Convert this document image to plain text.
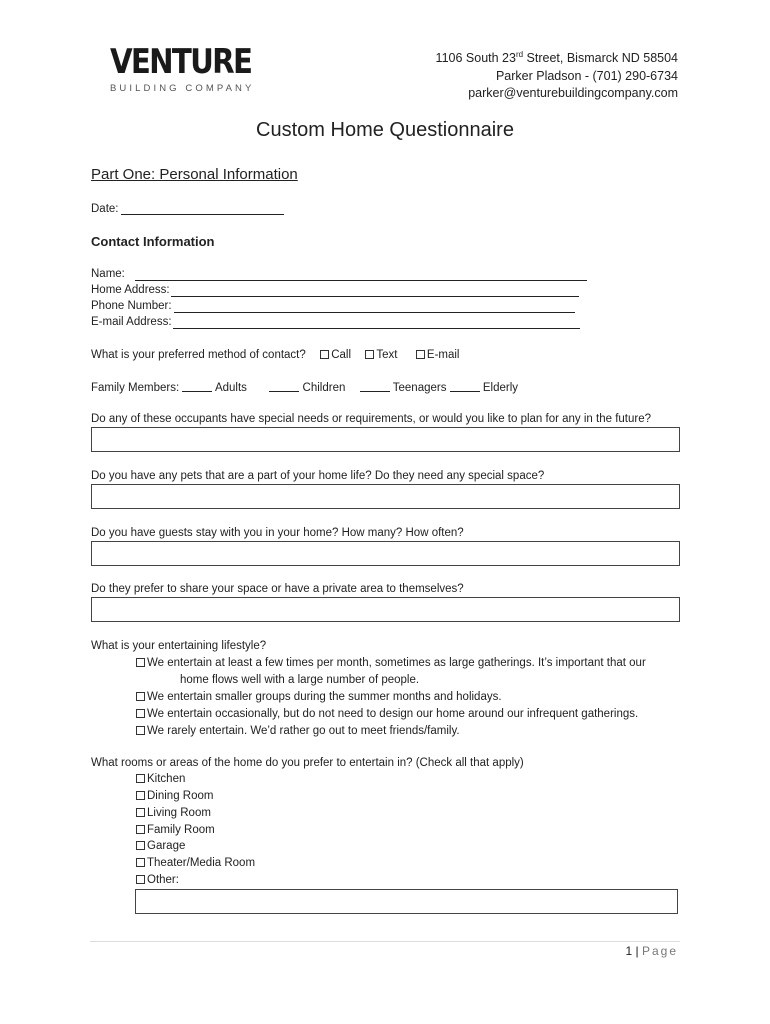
VENTURE
BUILDING COMPANY
1106 South 23rd Street, Bismarck ND 58504
Parker Pladson - (701) 290-6734
parker@venturebuildingcompany.com
Custom Home Questionnaire
Part One: Personal Information
Date:
Contact Information
Name:
Home Address:
Phone Number:
E-mail Address:
What is your preferred method of contact? Call Text	E-mail
Family Members:	Adults	Children	Teenagers	Elderly
Do any of these occupants have special needs or requirements, or would you like to plan for any in the future?
Do you have any pets that are a part of your home life? Do they need any special space?
Do you have guests stay with you in your home? How many? How often?
Do they prefer to share your space or have a private area to themselves?
What is your entertaining lifestyle?
We entertain at least a few times per month, sometimes as large gatherings. It’s important that our
home flows well with a large number of people.
We entertain smaller groups during the summer months and holidays.
We entertain occasionally, but do not need to design our home around our infrequent gatherings.
We rarely entertain. We’d rather go out to meet friends/family.
What rooms or areas of the home do you prefer to entertain in? (Check all that apply)
Kitchen
Dining Room
Living Room
Family Room
Garage
Theater/Media Room
Other:
1 | Page
